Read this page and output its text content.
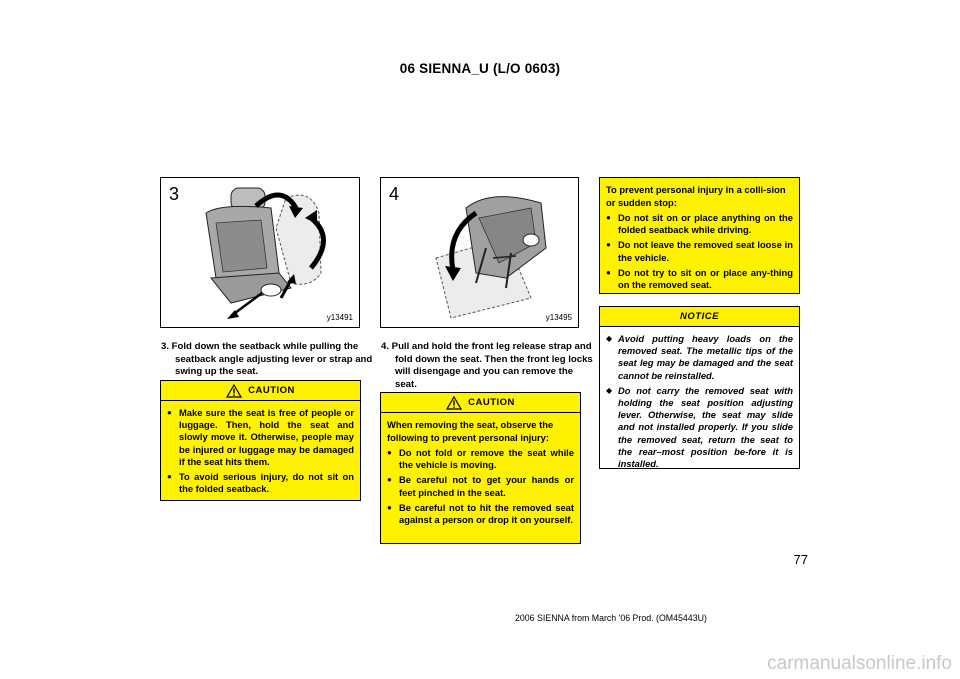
06 SIENNA_U (L/O 0603)
3
y13491
4
y13495

3. Fold down the seatback while pulling the seatback angle adjusting lever or strap and swing up the seat.

4. Pull and hold the front leg release strap and fold down the seat. Then the front leg locks will disengage and you can remove the seat.

CAUTION
● Make sure the seat is free of people or luggage. Then, hold the seat and slowly move it. Otherwise, people may be injured or luggage may be damaged if the seat hits them.
● To avoid serious injury, do not sit on the folded seatback.
CAUTION

When removing the seat, observe the following to prevent personal injury:

● Do not fold or remove the seat while the vehicle is moving.
● Be careful not to get your hands or feet pinched in the seat.
● Be careful not to hit the removed seat against a person or drop it on yourself.

To prevent personal injury in a colli-sion or sudden stop:

● Do not sit on or place anything on the folded seatback while driving.
● Do not leave the removed seat loose in the vehicle.
● Do not try to sit on or place any-thing on the removed seat.
NOTICE
◆ Avoid putting heavy loads on the removed seat. The metallic tips of the seat leg may be damaged and the seat cannot be reinstalled.
◆ Do not carry the removed seat with holding the seat position adjusting lever. Otherwise, the seat may slide and not installed properly. If you slide the removed seat, return the seat to the rear–most position be-fore it is installed.
77
2006 SIENNA from March '06 Prod. (OM45443U)
carmanualsonline.info
